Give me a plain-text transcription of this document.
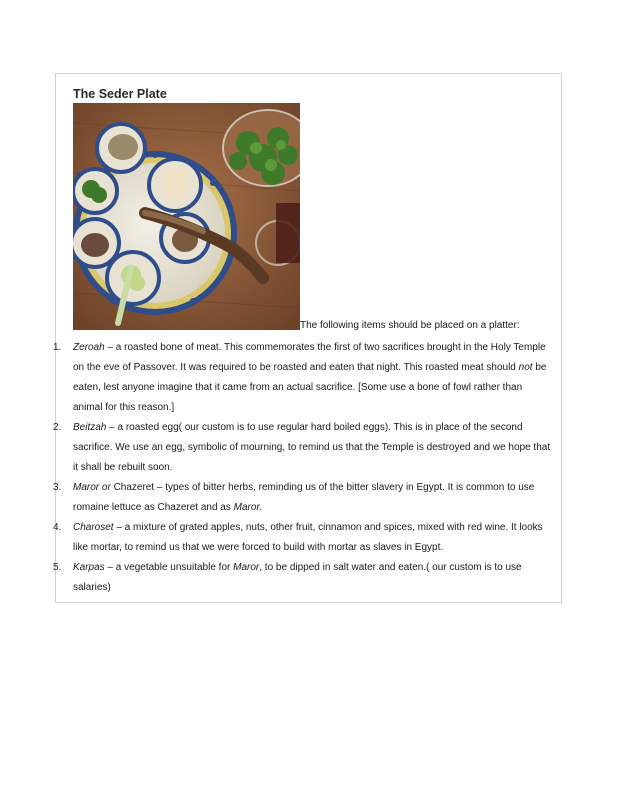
The Seder Plate
The following items should be placed on a platter:
1. Zeroah – a roasted bone of meat. This commemorates the first of two sacrifices brought in the Holy Temple on the eve of Passover. It was required to be roasted and eaten that night. This roasted meat should not be eaten, lest anyone imagine that it came from an actual sacrifice. [Some use a bone of fowl rather than animal for this reason.]
2. Beitzah – a roasted egg( our custom is to use regular hard boiled eggs). This is in place of the second sacrifice. We use an egg, symbolic of mourning, to remind us that the Temple is destroyed and we hope that it shall be rebuilt soon.
3. Maror or Chazeret – types of bitter herbs, reminding us of the bitter slavery in Egypt. It is common to use romaine lettuce as Chazeret and as Maror.
4. Charoset – a mixture of grated apples, nuts, other fruit, cinnamon and spices, mixed with red wine. It looks like mortar, to remind us that we were forced to build with mortar as slaves in Egypt.
5. Karpas – a vegetable unsuitable for Maror, to be dipped in salt water and eaten.( our custom is to use salaries)
